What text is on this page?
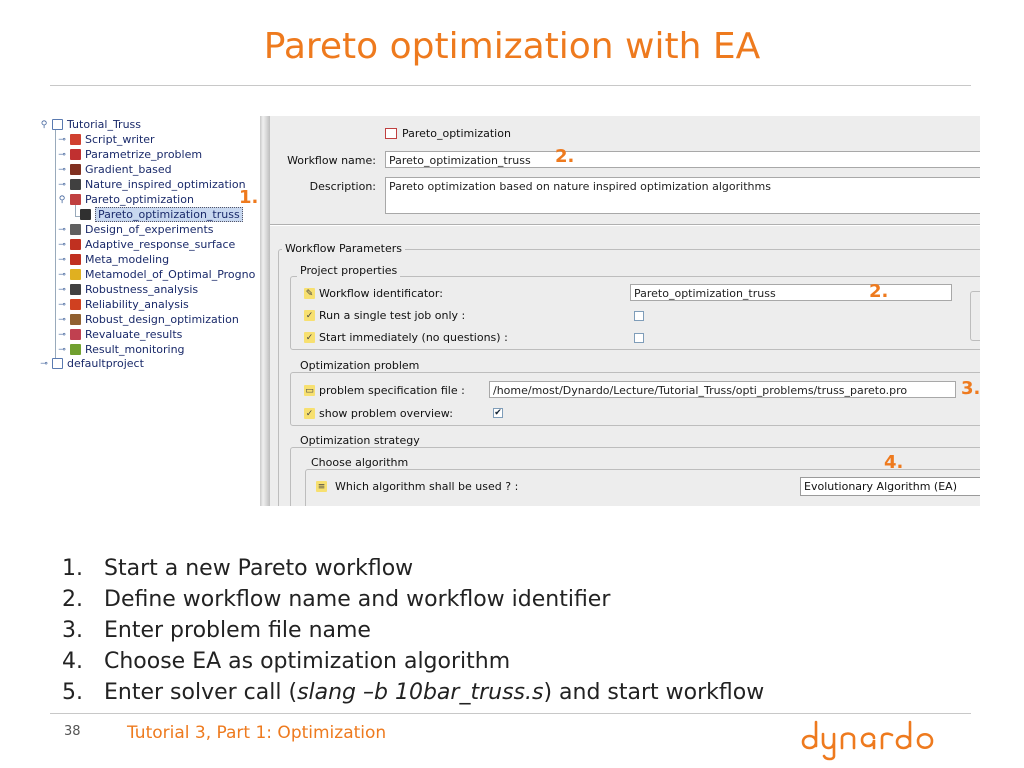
Pareto optimization with EA
⚲ Tutorial_Truss
⊸ Script_writer
⊸ Parametrize_problem
⊸ Gradient_based
⊸ Nature_inspired_optimization
⚲ Pareto_optimization
Pareto_optimization_truss
⊸ Design_of_experiments
⊸ Adaptive_response_surface
⊸ Meta_modeling
⊸ Metamodel_of_Optimal_Progno
⊸ Robustness_analysis
⊸ Reliability_analysis
⊸ Robust_design_optimization
⊸ Revaluate_results
⊸ Result_monitoring
⊸ defaultproject
Pareto_optimization
Workflow name:	Pareto_optimization_truss
Description:	Pareto optimization based on nature inspired optimization algorithms
Workflow Parameters
Project properties
✎ Workflow identificator:	Pareto_optimization_truss
✓ Run a single test job only :
✓ Start immediately (no questions) :
Optimization problem
▭ problem specification file :	/home/most/Dynardo/Lecture/Tutorial_Truss/opti_problems/truss_pareto.pro
✓ show problem overview:	✔
Optimization strategy
Choose algorithm
≡ Which algorithm shall be used ? :	Evolutionary Algorithm (EA)
1.
2.
2.
3.
4.
1. Start a new Pareto workflow
2. Define workflow name and workflow identifier
3. Enter problem file name
4. Choose EA as optimization algorithm
5. Enter solver call ( slang –b 10bar_truss.s ) and start workflow
38	Tutorial 3, Part 1: Optimization
